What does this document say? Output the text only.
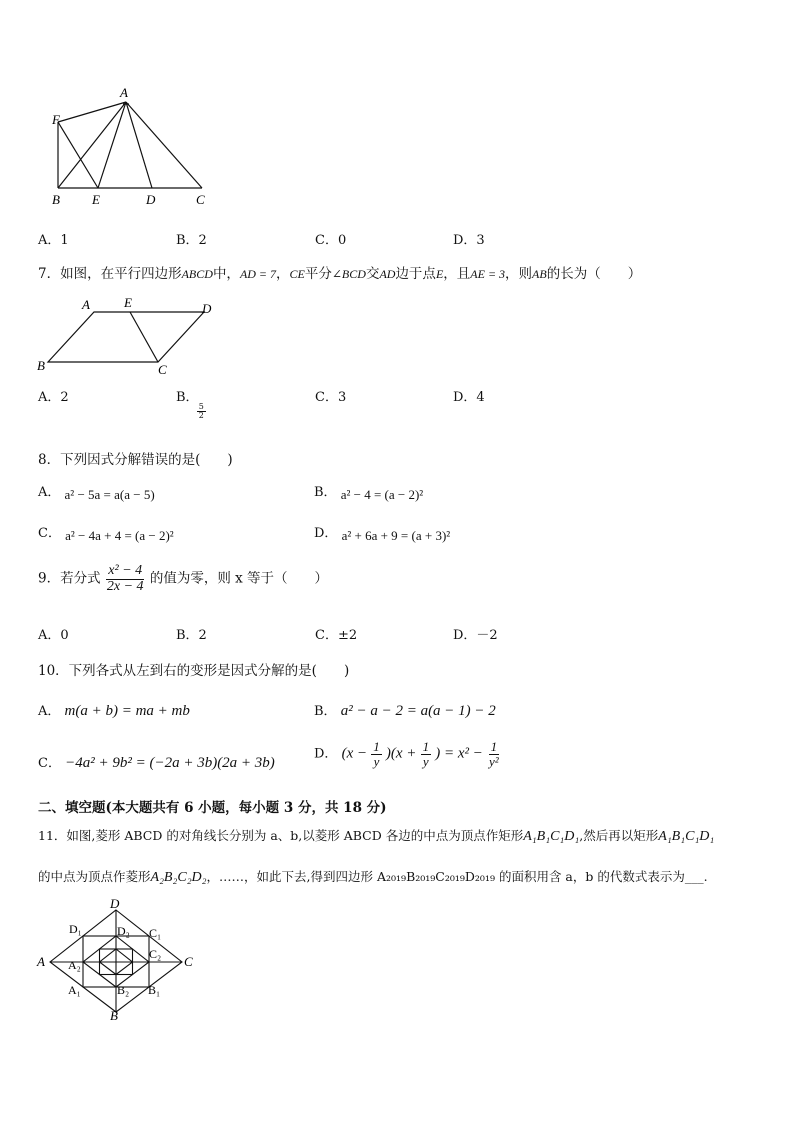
A
F
B E	D	C
A．1	B．2	C．0	D．3
7．如图，在平行四边形ABCD中，AD = 7，CE平分∠BCD交AD边于点E，且AE = 3，则AB的长为（　　）
A	E	D
B	C
A．2	B．
$\frac{5}{2}$
C．3	D．4
8．下列因式分解错误的是(　　)
A． a² − 5a = a(a − 5)	B． a² − 4 = (a − 2)²
C． a² − 4a + 4 = (a − 2)²	D． a² + 6a + 9 = (a + 3)²
9．若分式 $\frac{\text{x² − 4}}{2x - 4}$ 的值为零，则 x 等于（　　）
A．0	B．2	C．±2	D．－2
10．下列各式从左到右的变形是因式分解的是(　　)
A． m(a + b) = ma + mb	B． a² − a − 2 = a(a − 1) − 2
C． −4a² + 9b² = (−2a + 3b)(2a + 3b)
D． $(x - \frac{1}{y} )(x + \frac{1}{y}$ ) = $x^2 - \frac{1}{\text{y²}}$
二、填空题(本大题共有 6 小题，每小题 3 分，共 18 分)
11．如图,菱形 ABCD 的对角线长分别为 a、b,以菱形 ABCD 各边的中点为顶点作矩形A₁B₁C₁D₁,然后再以矩形A₁B₁C₁D₁
的中点为顶点作菱形A₂B₂C₂D₂，……，如此下去,得到四边形 A₂₀₁₉B₂₀₁₉C₂₀₁₉D₂₀₁₉ 的面积用含 a，b 的代数式表示为___.
D
D₁	D₂ C₁
C₂
A A₂	C
A₁	B₂ B₁
B
